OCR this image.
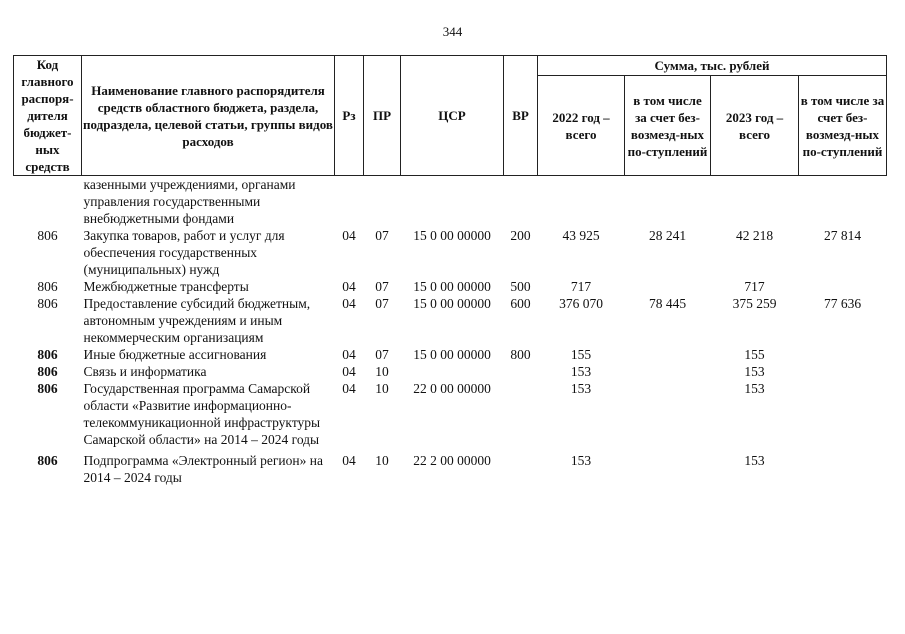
344
Код главного распоря-дителя бюджет-ных средств	Наименование главного распорядителя средств областного бюджета, раздела, подраздела, целевой статьи, группы видов расходов	Рз	ПР	ЦСР	ВР	Сумма, тыс. рублей			
						2022 год – всего	в том числе за счет без-возмезд-ных по-ступлений	2023 год – всего	в том числе за счет без-возмезд-ных по-ступлений
	казенными учреждениями, органами управления государственными внебюджетными фондами								
806	Закупка товаров, работ и услуг для обеспечения государственных (муниципальных) нужд	04	07	15 0 00 00000	200	43 925	28 241	42 218	27 814
806	Межбюджетные трансферты	04	07	15 0 00 00000	500	717		717	
806	Предоставление субсидий бюджетным, автономным учреждениям и иным некоммерческим организациям	04	07	15 0 00 00000	600	376 070	78 445	375 259	77 636
806	Иные бюджетные ассигнования	04	07	15 0 00 00000	800	155		155	
806	Связь и информатика	04	10			153		153	
806	Государственная программа Самарской области «Развитие информационно-телекоммуникационной инфраструктуры Самарской области» на 2014 – 2024 годы	04	10	22 0 00 00000		153		153	
806	Подпрограмма «Электронный регион» на 2014 – 2024 годы	04	10	22 2 00 00000		153		153	
